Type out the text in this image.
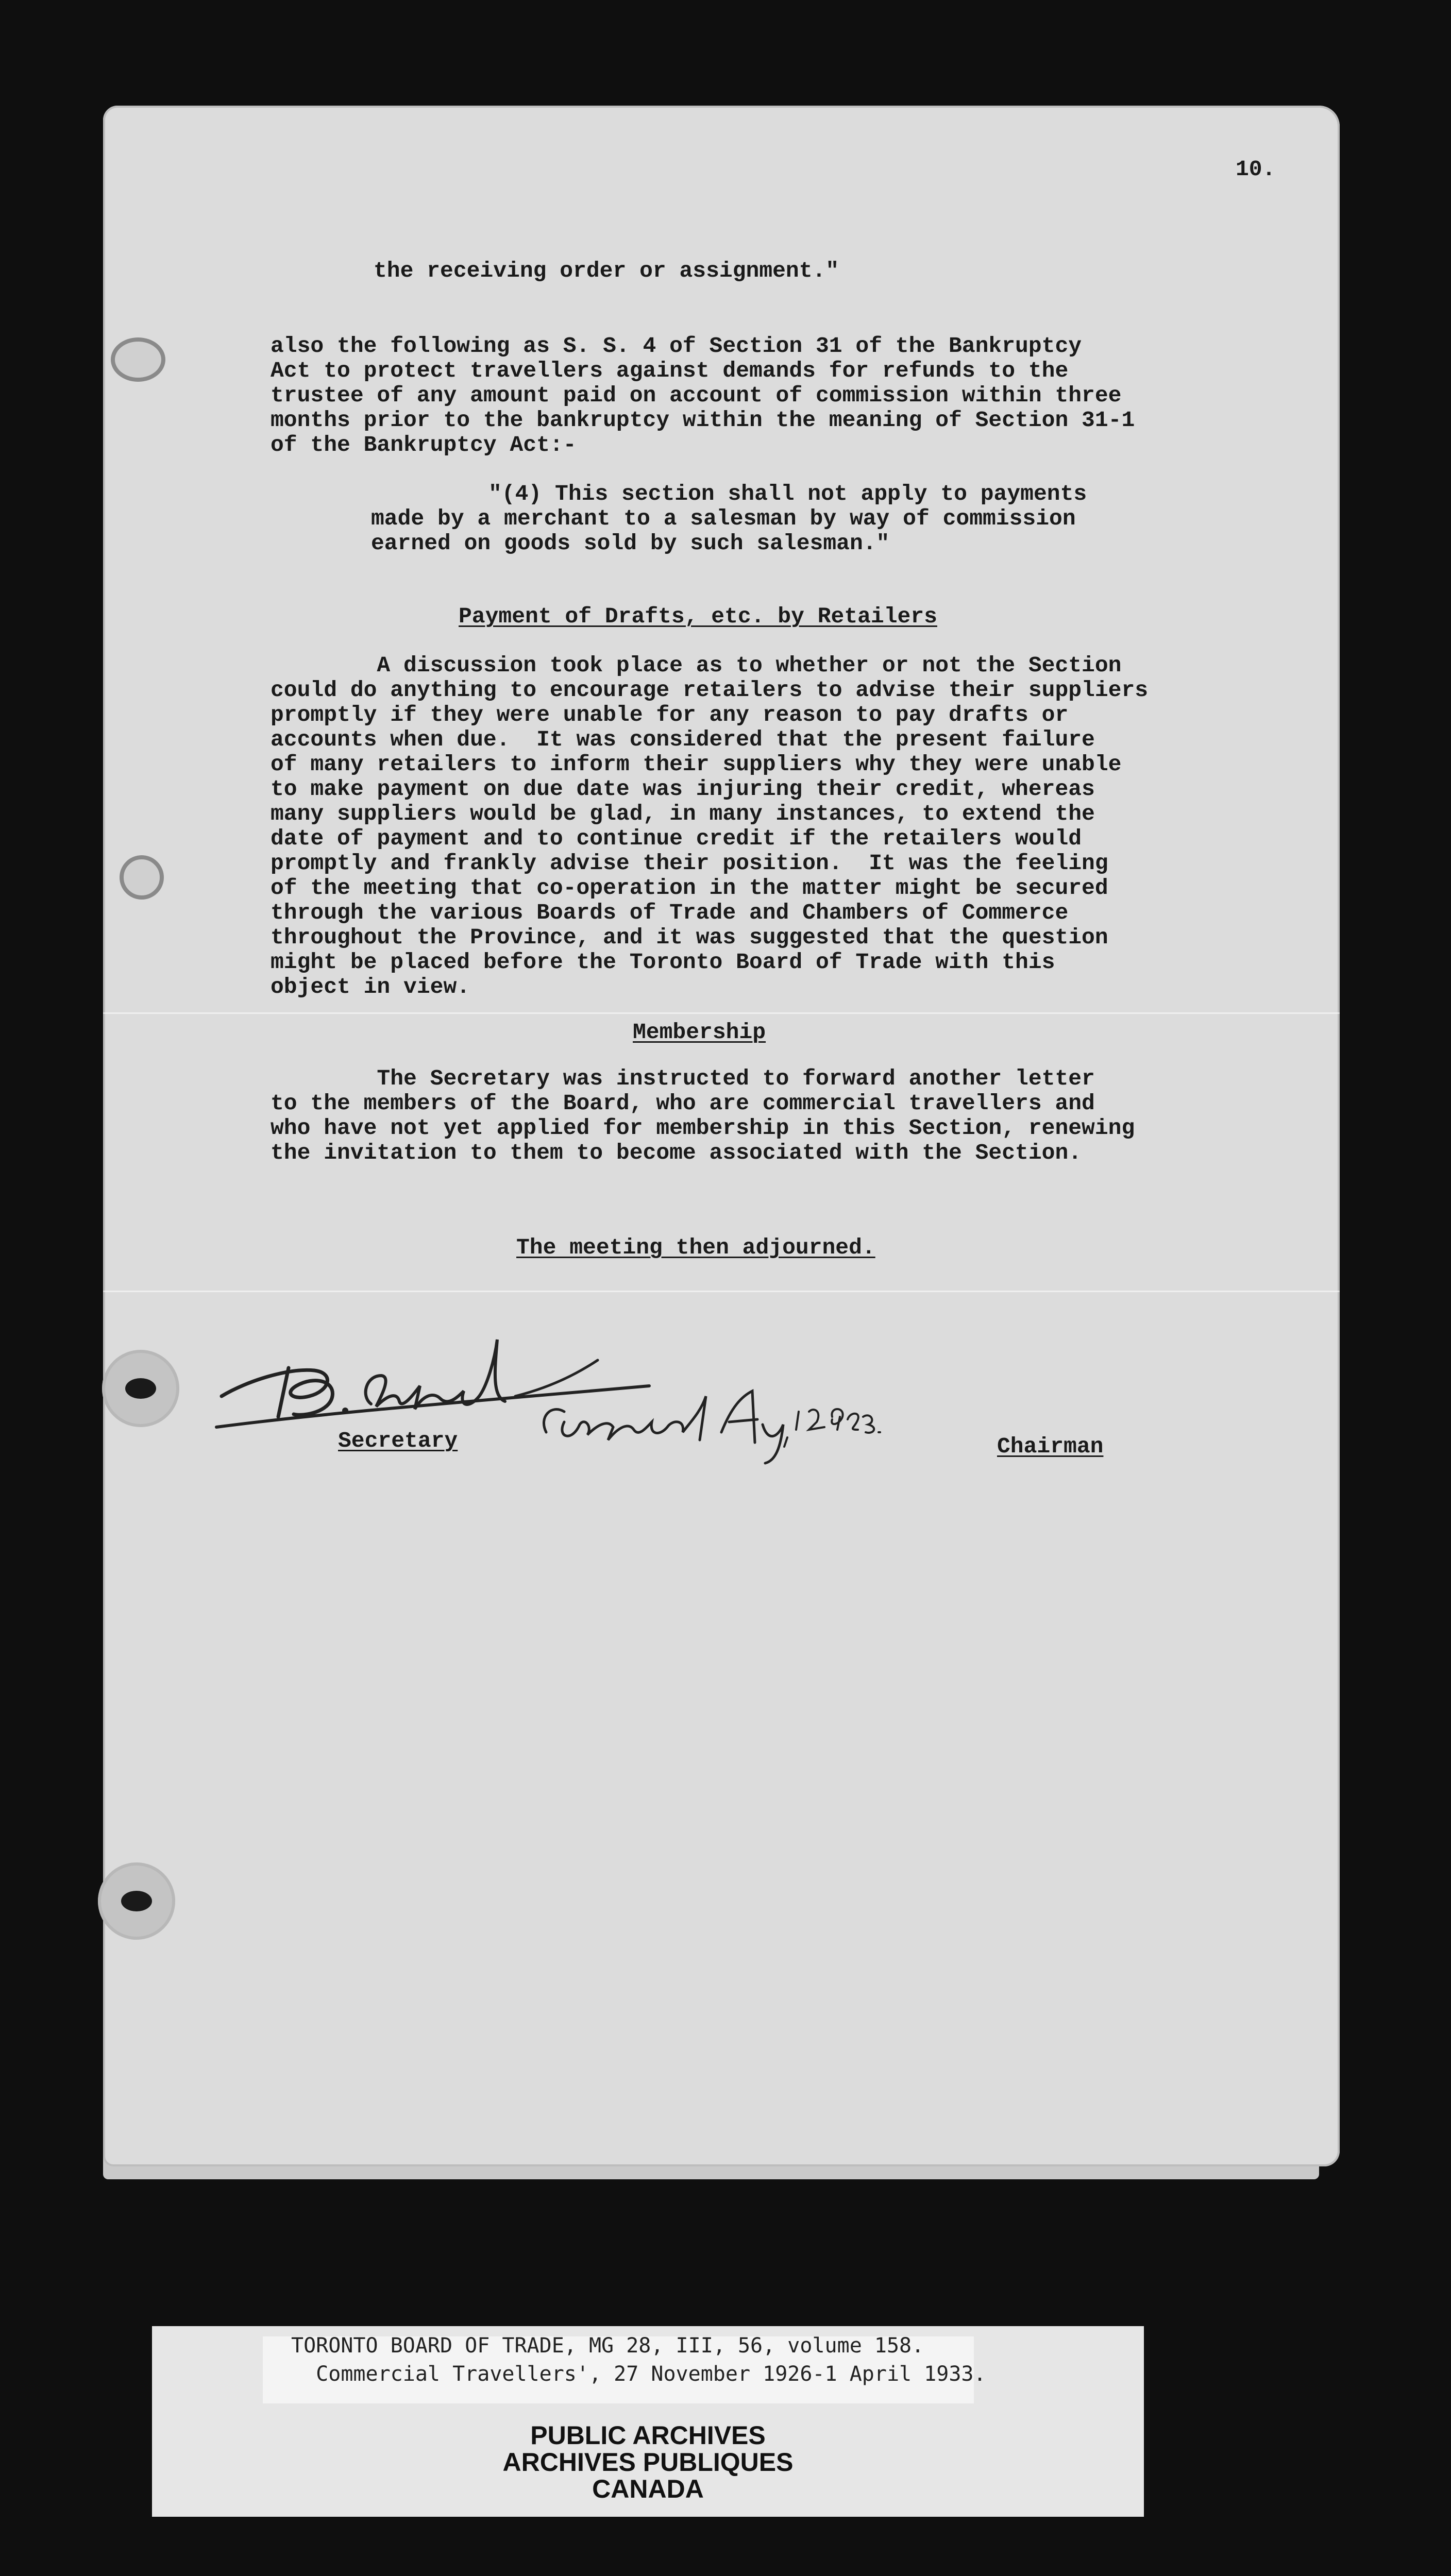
10.

the receiving order or assignment."

also the following as S. S. 4 of Section 31 of the Bankruptcy

Act to protect travellers against demands for refunds to the

trustee of any amount paid on account of commission within three

months prior to the bankruptcy within the meaning of Section 31-1

of the Bankruptcy Act:-

"(4) This section shall not apply to payments

made by a merchant to a salesman by way of commission

earned on goods sold by such salesman."

Payment of Drafts, etc. by Retailers

A discussion took place as to whether or not the Section

could do anything to encourage retailers to advise their suppliers

promptly if they were unable for any reason to pay drafts or

accounts when due.  It was considered that the present failure

of many retailers to inform their suppliers why they were unable

to make payment on due date was injuring their credit, whereas

many suppliers would be glad, in many instances, to extend the

date of payment and to continue credit if the retailers would

promptly and frankly advise their position.  It was the feeling

of the meeting that co-operation in the matter might be secured

through the various Boards of Trade and Chambers of Commerce

throughout the Province, and it was suggested that the question

might be placed before the Toronto Board of Trade with this

object in view.

Membership

The Secretary was instructed to forward another letter

to the members of the Board, who are commercial travellers and

who have not yet applied for membership in this Section, renewing

the invitation to them to become associated with the Section.

The meeting then adjourned.

Secretary	Chairman

TORONTO BOARD OF TRADE, MG 28, III, 56, volume 158.

Commercial Travellers', 27 November 1926-1 April 1933.

PUBLIC ARCHIVES

ARCHIVES PUBLIQUES

CANADA
